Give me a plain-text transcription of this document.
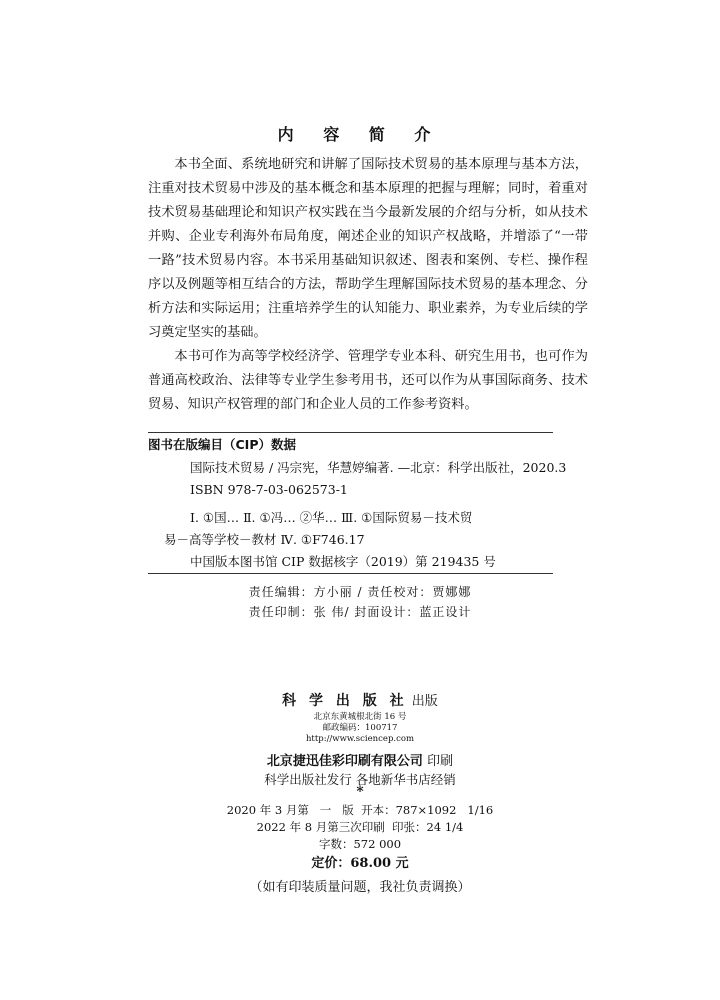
内 容 简 介

本书全面、系统地研究和讲解了国际技术贸易的基本原理与基本方法，注重对技术贸易中涉及的基本概念和基本原理的把握与理解；同时，着重对技术贸易基础理论和知识产权实践在当今最新发展的介绍与分析，如从技术并购、企业专利海外布局角度，阐述企业的知识产权战略，并增添了“一带一路”技术贸易内容。本书采用基础知识叙述、图表和案例、专栏、操作程序以及例题等相互结合的方法，帮助学生理解国际技术贸易的基本理念、分析方法和实际运用；注重培养学生的认知能力、职业素养，为专业后续的学习奠定坚实的基础。

本书可作为高等学校经济学、管理学专业本科、研究生用书，也可作为普通高校政治、法律等专业学生参考用书，还可以作为从事国际商务、技术贸易、知识产权管理的部门和企业人员的工作参考资料。

图书在版编目（CIP）数据
国际技术贸易 / 冯宗宪，华慧婷编著. —北京：科学出版社，2020.3
ISBN 978-7-03-062573-1
Ⅰ. ①国… Ⅱ. ①冯… ②华… Ⅲ. ①国际贸易－技术贸
易－高等学校－教材 Ⅳ. ①F746.17
中国版本图书馆 CIP 数据核字（2019）第 219435 号
责任编辑：方小丽 / 责任校对：贾娜娜
责任印制：张 伟/ 封面设计：蓝正设计
科 学 出 版 社 出版
北京东黄城根北街 16 号
邮政编码：100717
http://www.sciencep.com
北京捷迅佳彩印刷有限公司 印刷
科学出版社发行 各地新华书店经销
*
2020 年 3 月第   一   版  开本：787×1092   1/16
2022 年 8 月第三次印刷  印张：24 1/4
字数：572 000
定价：68.00 元
（如有印装质量问题，我社负责调换）
